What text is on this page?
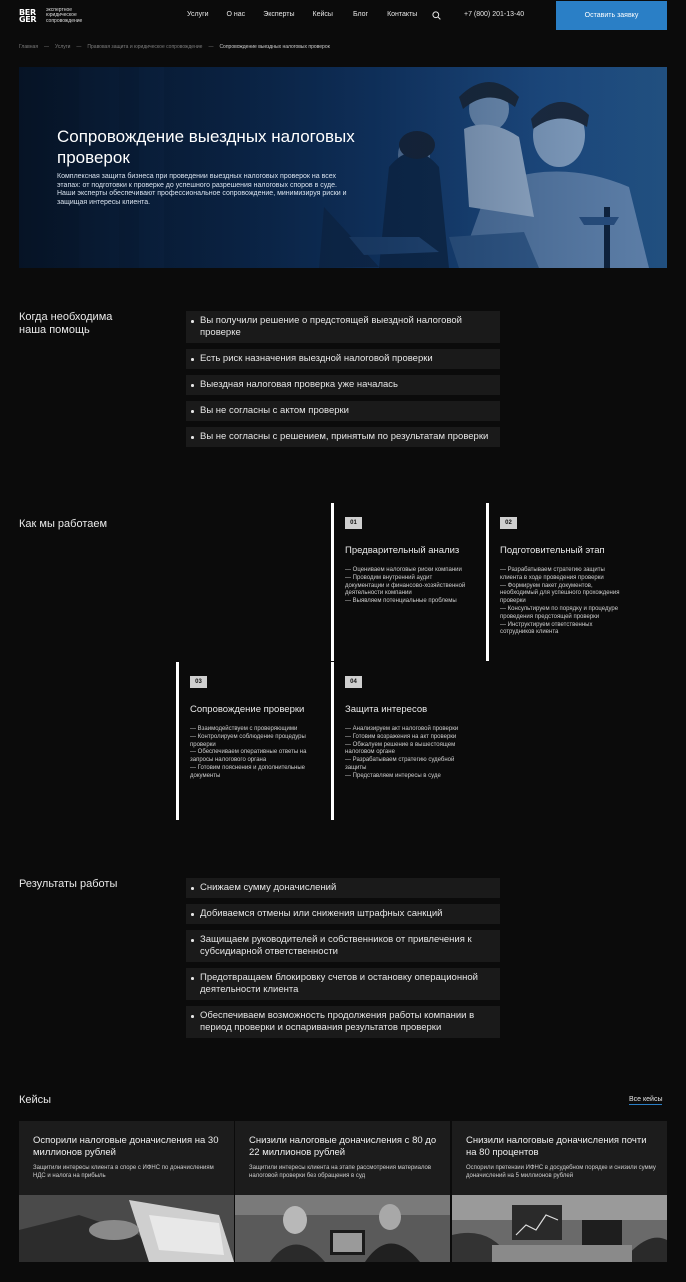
BER GER
экспертное юридическое сопровождение
Услуги	О нас	Эксперты	Кейсы	Блог	Контакты	+7 (800) 201-13-40	Оставить заявку
Главная — Услуги — Правовая защита и юридическое сопровождение — Сопровождение выездных налоговых проверок
Сопровождение выездных налоговых проверок

Комплексная защита бизнеса при проведении выездных налоговых проверок на всех этапах: от подготовки к проверке до успешного разрешения налоговых споров в суде. Наши эксперты обеспечивают профессиональное сопровождение, минимизируя риски и защищая интересы клиента.

Когда необходима наша помощь
Вы получили решение о предстоящей выездной налоговой проверке
Есть риск назначения выездной налоговой проверки
Выездная налоговая проверка уже началась
Вы не согласны с актом проверки
Вы не согласны с решением, принятым по результатам проверки
Как мы работаем	01
Предварительный анализ
— Оцениваем налоговые риски компании
— Проводим внутренний аудит документации и финансово-хозяйственной деятельности компании
— Выявляем потенциальные проблемы
02
Подготовительный этап
— Разрабатываем стратегию защиты клиента в ходе проведения проверки
— Формируем пакет документов, необходимый для успешного прохождения проверки
— Консультируем по порядку и процедуре проведения предстоящей проверки
— Инструктируем ответственных сотрудников клиента
03
Сопровождение проверки
— Взаимодействуем с проверяющими
— Контролируем соблюдение процедуры проверки
— Обеспечиваем оперативные ответы на запросы налогового органа
— Готовим пояснения и дополнительные документы
04
Защита интересов
— Анализируем акт налоговой проверки
— Готовим возражения на акт проверки
— Обжалуем решение в вышестоящем налоговом органе
— Разрабатываем стратегию судебной защиты
— Представляем интересы в суде
Результаты работы	Снижаем сумму доначислений
Добиваемся отмены или снижения штрафных санкций
Защищаем руководителей и собственников от привлечения к субсидиарной ответственности
Предотвращаем блокировку счетов и остановку операционной деятельности клиента
Обеспечиваем возможность продолжения работы компании в период проверки и оспаривания результатов проверки
Кейсы	Все кейсы
Оспорили налоговые доначисления на 30 миллионов рублей
Защитили интересы клиента в споре с ИФНС по доначислениям НДС и налога на прибыль
Снизили налоговые доначисления с 80 до 22 миллионов рублей
Защитили интересы клиента на этапе рассмотрения материалов налоговой проверки без обращения в суд
Снизили налоговые доначисления почти на 80 процентов
Оспорили претензии ИФНС в досудебном порядке и снизили сумму доначислений на 5 миллионов рублей
